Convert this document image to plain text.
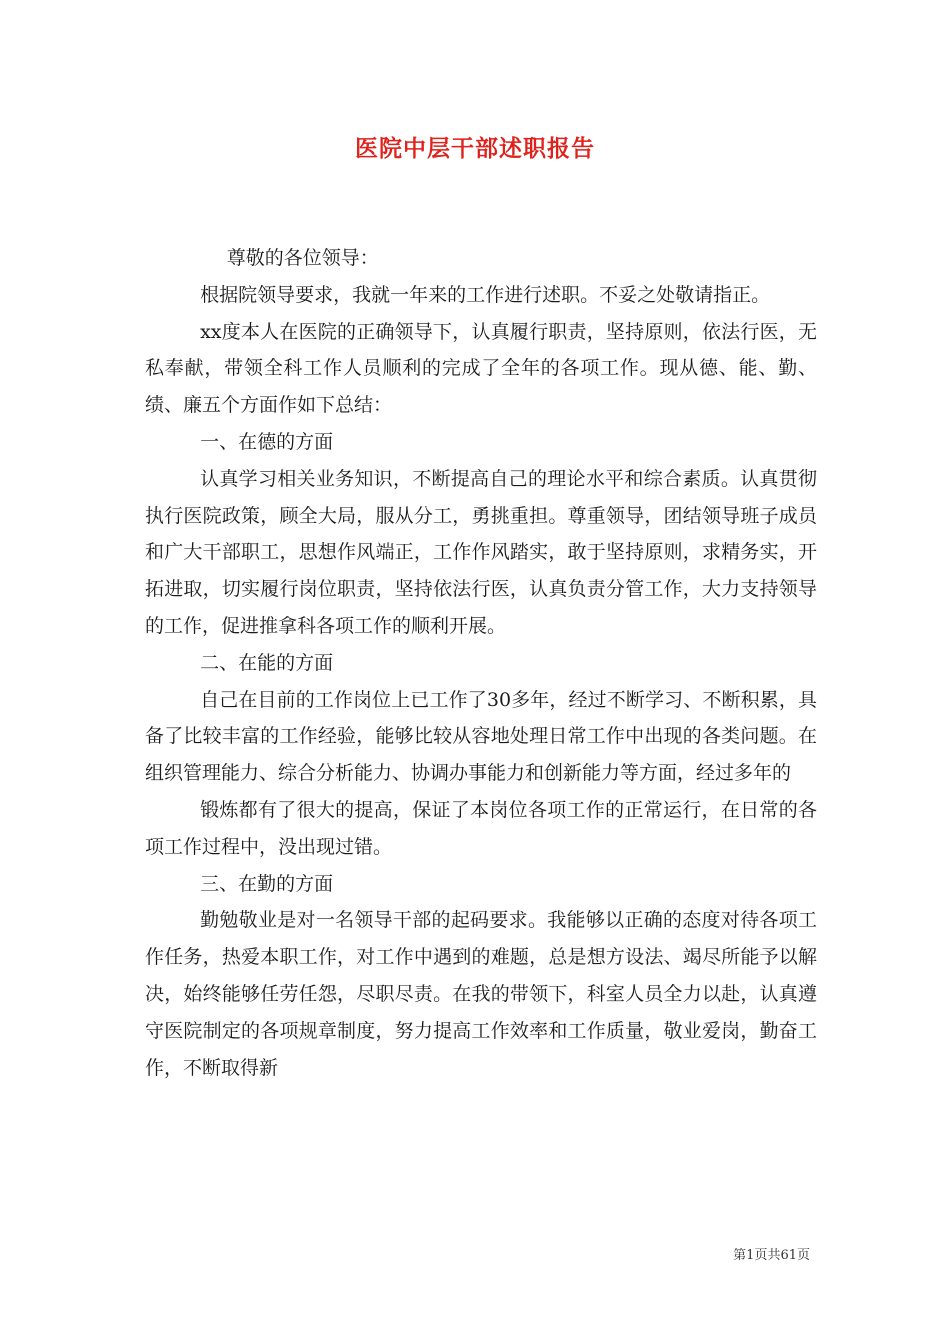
医院中层干部述职报告

尊敬的各位领导：

根据院领导要求，我就一年来的工作进行述职。不妥之处敬请指正。

xx度本人在医院的正确领导下，认真履行职责，坚持原则，依法行医，无私奉献，带领全科工作人员顺利的完成了全年的各项工作。现从德、能、勤、绩、廉五个方面作如下总结：

一、在德的方面

认真学习相关业务知识，不断提高自己的理论水平和综合素质。认真贯彻执行医院政策，顾全大局，服从分工，勇挑重担。尊重领导，团结领导班子成员和广大干部职工，思想作风端正，工作作风踏实，敢于坚持原则，求精务实，开拓进取，切实履行岗位职责，坚持依法行医，认真负责分管工作，大力支持领导的工作，促进推拿科各项工作的顺利开展。

二、在能的方面

自己在目前的工作岗位上已工作了30多年，经过不断学习、不断积累，具备了比较丰富的工作经验，能够比较从容地处理日常工作中出现的各类问题。在组织管理能力、综合分析能力、协调办事能力和创新能力等方面，经过多年的

锻炼都有了很大的提高，保证了本岗位各项工作的正常运行，在日常的各项工作过程中，没出现过错。

三、在勤的方面

勤勉敬业是对一名领导干部的起码要求。我能够以正确的态度对待各项工作任务，热爱本职工作，对工作中遇到的难题，总是想方设法、竭尽所能予以解决，始终能够任劳任怨，尽职尽责。在我的带领下，科室人员全力以赴，认真遵守医院制定的各项规章制度，努力提高工作效率和工作质量，敬业爱岗，勤奋工作，不断取得新

第1页共61页
